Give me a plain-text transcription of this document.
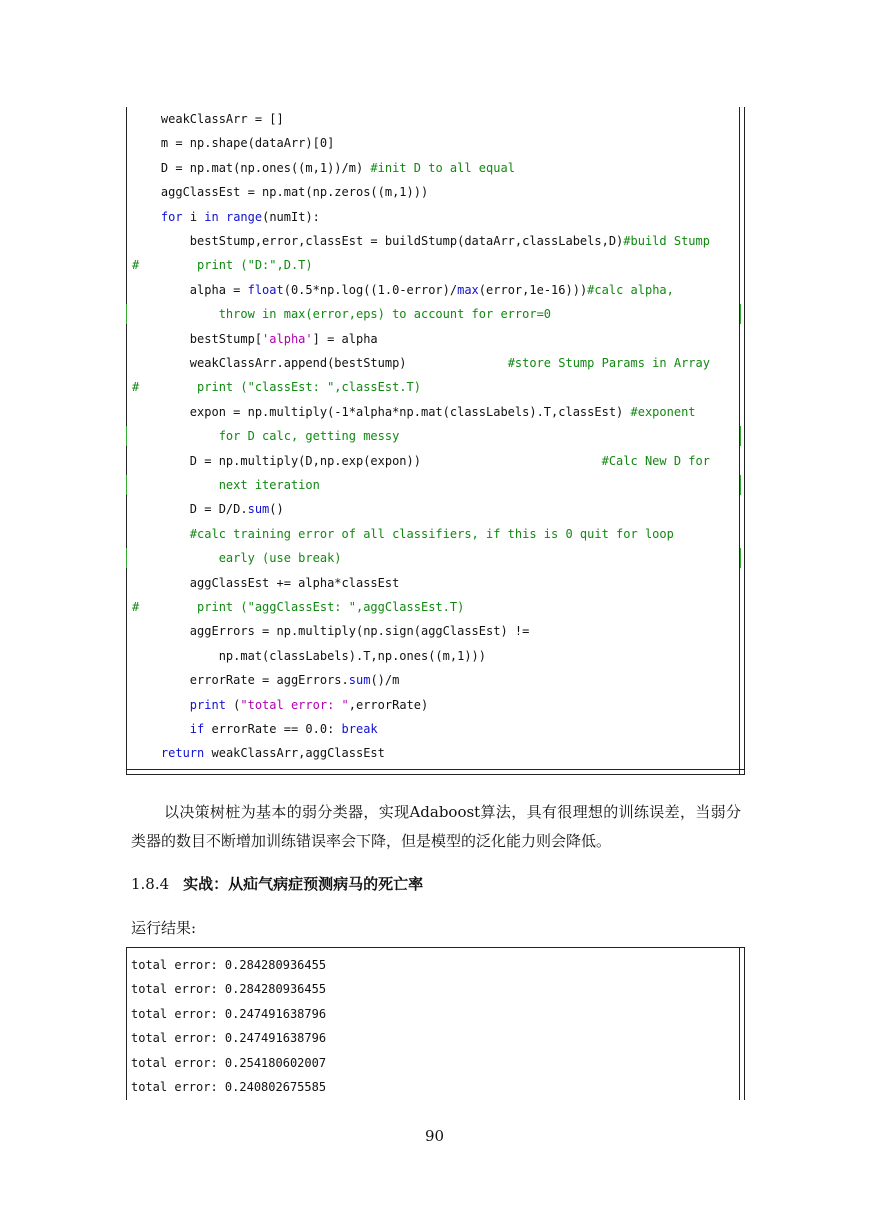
weakClassArr = []
m = np.shape(dataArr)[0]
D = np.mat(np.ones((m,1))/m) #init D to all equal
aggClassEst = np.mat(np.zeros((m,1)))
for i in range(numIt):
bestStump,error,classEst = buildStump(dataArr,classLabels,D)#build Stump
#        print ("D:",D.T)
alpha = float(0.5*np.log((1.0-error)/max(error,1e-16)))#calc alpha,
throw in max(error,eps) to account for error=0
bestStump['alpha'] = alpha
weakClassArr.append(bestStump)              #store Stump Params in Array
#        print ("classEst: ",classEst.T)
expon = np.multiply(-1*alpha*np.mat(classLabels).T,classEst) #exponent
for D calc, getting messy
D = np.multiply(D,np.exp(expon))                         #Calc New D for
next iteration
D = D/D.sum()
#calc training error of all classifiers, if this is 0 quit for loop
early (use break)
aggClassEst += alpha*classEst
#        print ("aggClassEst: ",aggClassEst.T)
aggErrors = np.multiply(np.sign(aggClassEst) !=
np.mat(classLabels).T,np.ones((m,1)))
errorRate = aggErrors.sum()/m
print ("total error: ",errorRate)
if errorRate == 0.0: break
return weakClassArr,aggClassEst

以决策树桩为基本的弱分类器，实现Adaboost算法，具有很理想的训练误差，当弱分类器的数目不断增加训练错误率会下降，但是模型的泛化能力则会降低。

1.8.4 实战：从疝气病症预测病马的死亡率
运行结果:
total error: 0.284280936455
total error: 0.284280936455
total error: 0.247491638796
total error: 0.247491638796
total error: 0.254180602007
total error: 0.240802675585
90
